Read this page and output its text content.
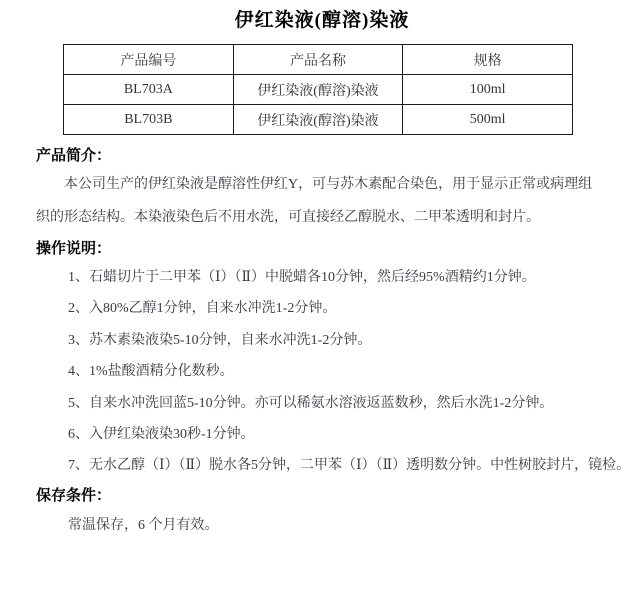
伊红染液(醇溶)染液
产品编号	产品名称	规格
BL703A	伊红染液(醇溶)染液	100ml
BL703B	伊红染液(醇溶)染液	500ml
产品简介：
本公司生产的伊红染液是醇溶性伊红Y，可与苏木素配合染色，用于显示正常或病理组织的形态结构。本染液染色后不用水洗，可直接经乙醇脱水、二甲苯透明和封片。
操作说明：
1、石蜡切片于二甲苯（Ⅰ）（Ⅱ）中脱蜡各10分钟，然后经95%酒精约1分钟。
2、入80%乙醇1分钟，自来水冲洗1-2分钟。
3、苏木素染液染5-10分钟，自来水冲洗1-2分钟。
4、1%盐酸酒精分化数秒。
5、自来水冲洗回蓝5-10分钟。亦可以稀氨水溶液返蓝数秒，然后水洗1-2分钟。
6、入伊红染液染30秒-1分钟。
7、无水乙醇（Ⅰ）（Ⅱ）脱水各5分钟，二甲苯（Ⅰ）（Ⅱ）透明数分钟。中性树胶封片，镜检。
保存条件：
常温保存，6 个月有效。
